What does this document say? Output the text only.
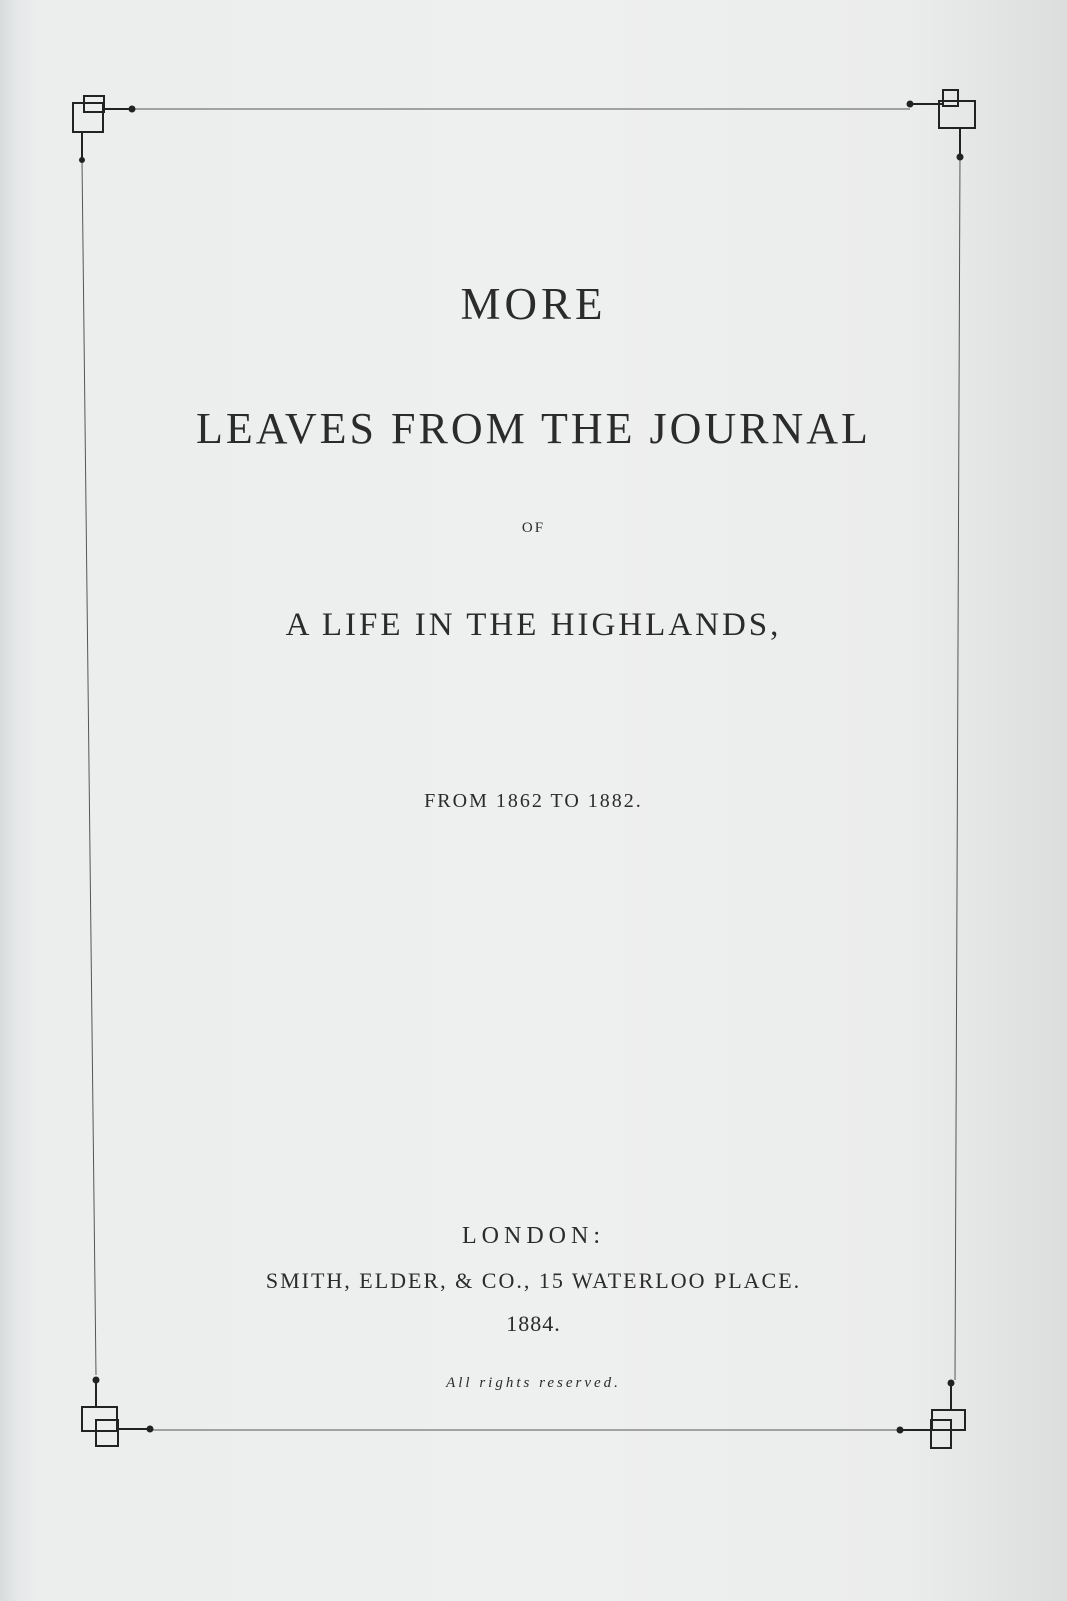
MORE
LEAVES FROM THE JOURNAL

OF

A LIFE IN THE HIGHLANDS,

FROM 1862 TO 1882.

LONDON:

SMITH, ELDER, & CO., 15 WATERLOO PLACE.

1884.

All rights reserved.
